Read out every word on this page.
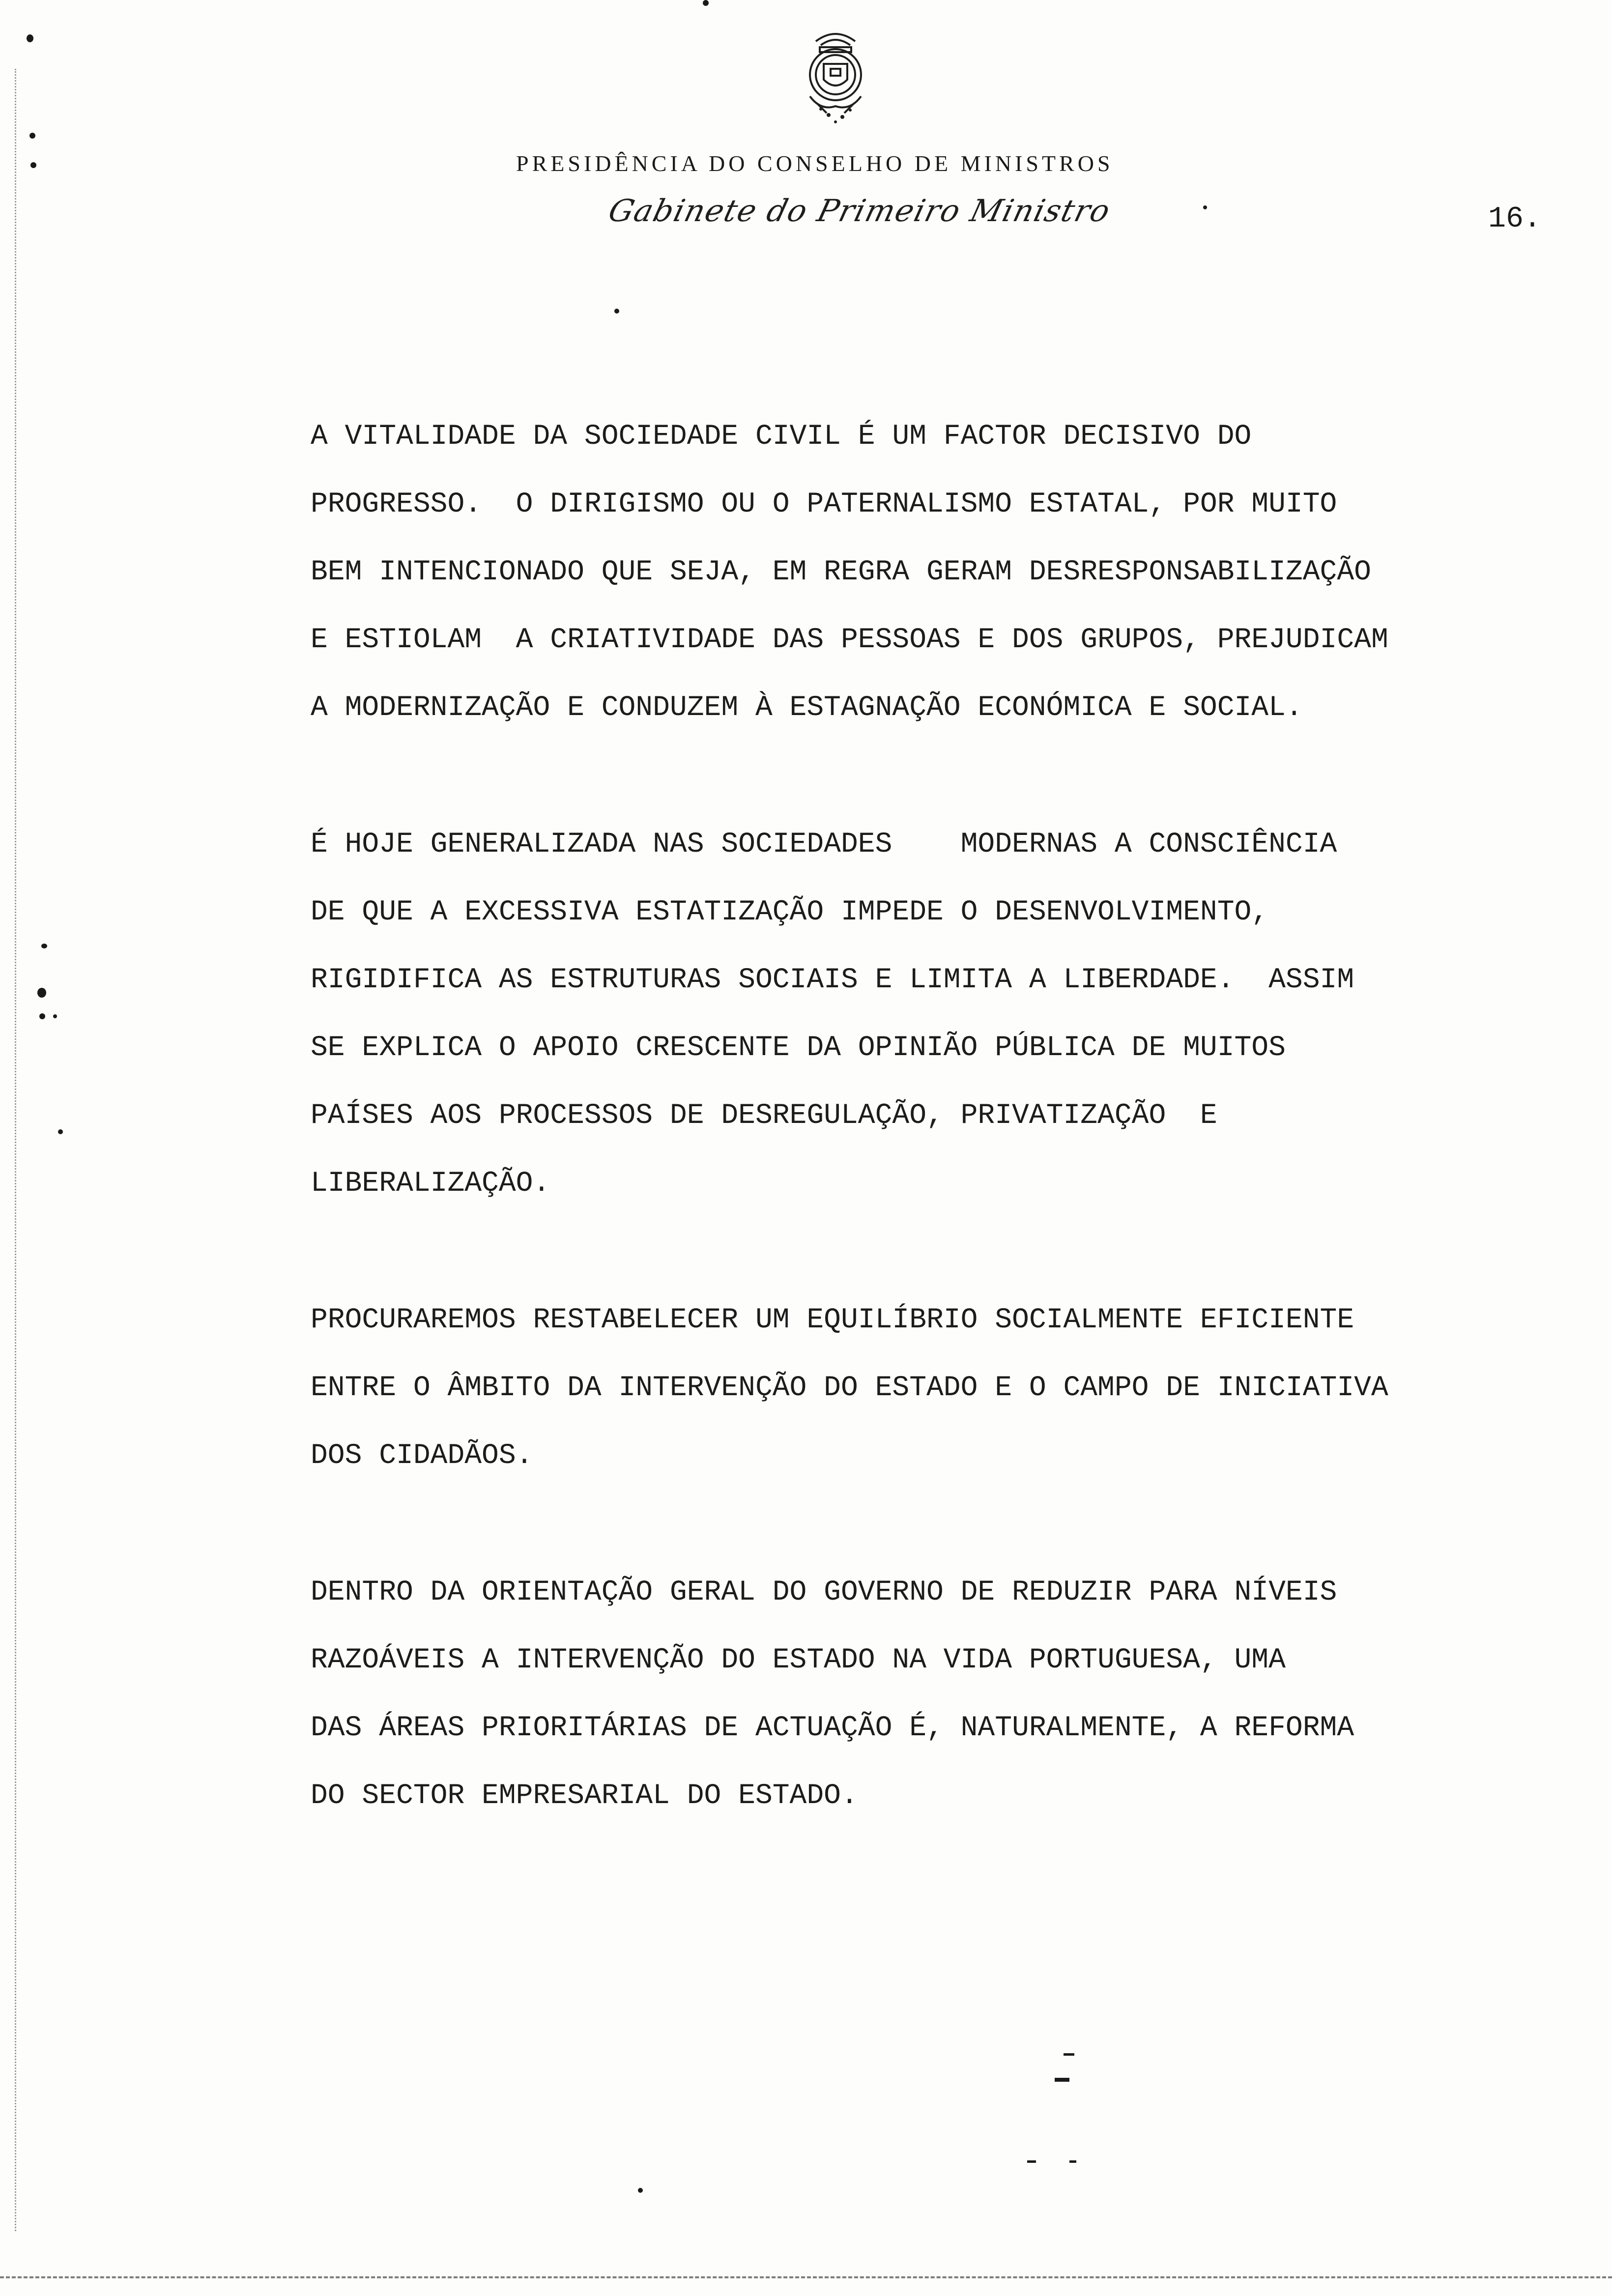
PRESIDÊNCIA DO CONSELHO DE MINISTROS
Gabinete do Primeiro Ministro	16.
A VITALIDADE DA SOCIEDADE CIVIL É UM FACTOR DECISIVO DO
PROGRESSO.  O DIRIGISMO OU O PATERNALISMO ESTATAL, POR MUITO
BEM INTENCIONADO QUE SEJA, EM REGRA GERAM DESRESPONSABILIZAÇÃO
E ESTIOLAM  A CRIATIVIDADE DAS PESSOAS E DOS GRUPOS, PREJUDICAM
A MODERNIZAÇÃO E CONDUZEM À ESTAGNAÇÃO ECONÓMICA E SOCIAL.
É HOJE GENERALIZADA NAS SOCIEDADES    MODERNAS A CONSCIÊNCIA
DE QUE A EXCESSIVA ESTATIZAÇÃO IMPEDE O DESENVOLVIMENTO,
RIGIDIFICA AS ESTRUTURAS SOCIAIS E LIMITA A LIBERDADE.  ASSIM
SE EXPLICA O APOIO CRESCENTE DA OPINIÃO PÚBLICA DE MUITOS
PAÍSES AOS PROCESSOS DE DESREGULAÇÃO, PRIVATIZAÇÃO  E
LIBERALIZAÇÃO.
PROCURAREMOS RESTABELECER UM EQUILÍBRIO SOCIALMENTE EFICIENTE
ENTRE O ÂMBITO DA INTERVENÇÃO DO ESTADO E O CAMPO DE INICIATIVA
DOS CIDADÃOS.
DENTRO DA ORIENTAÇÃO GERAL DO GOVERNO DE REDUZIR PARA NÍVEIS
RAZOÁVEIS A INTERVENÇÃO DO ESTADO NA VIDA PORTUGUESA, UMA
DAS ÁREAS PRIORITÁRIAS DE ACTUAÇÃO É, NATURALMENTE, A REFORMA
DO SECTOR EMPRESARIAL DO ESTADO.
